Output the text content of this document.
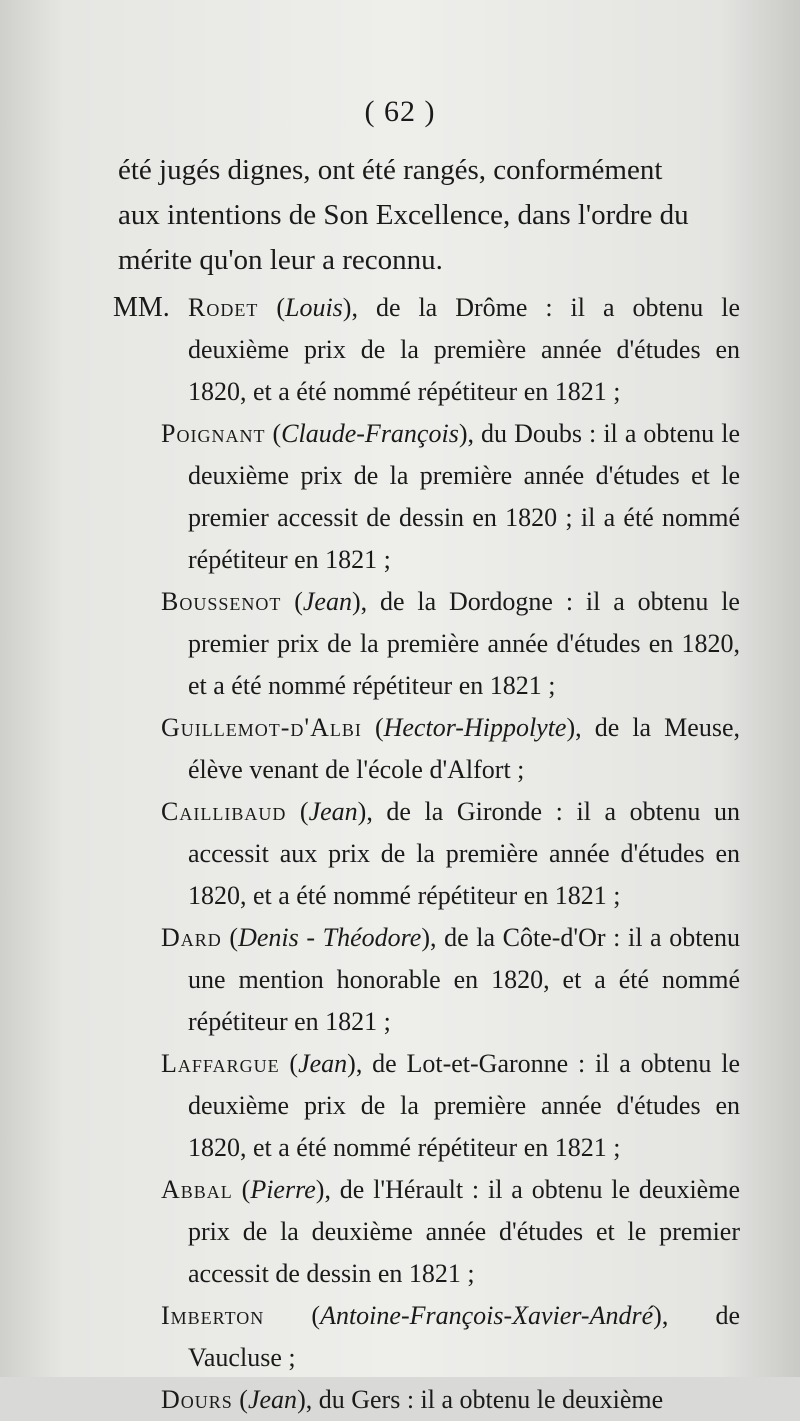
( 62 )
été jugés dignes, ont été rangés, conformément
aux intentions de Son Excellence, dans l'ordre du
mérite qu'on leur a reconnu.
MM. Rodet (Louis), de la Drôme : il a obtenu le deuxième prix de la première année d'études en 1820, et a été nommé répétiteur en 1821 ;
Poignant (Claude-François), du Doubs : il a obtenu le deuxième prix de la première année d'études et le premier accessit de dessin en 1820 ; il a été nommé répétiteur en 1821 ;
Boussenot (Jean), de la Dordogne : il a obtenu le premier prix de la première année d'études en 1820, et a été nommé répétiteur en 1821 ;
Guillemot-d'Albi (Hector-Hippolyte), de la Meuse, élève venant de l'école d'Alfort ;
Caillibaud (Jean), de la Gironde : il a obtenu un accessit aux prix de la première année d'études en 1820, et a été nommé répétiteur en 1821 ;
Dard (Denis - Théodore), de la Côte-d'Or : il a obtenu une mention honorable en 1820, et a été nommé répétiteur en 1821 ;
Laffargue (Jean), de Lot-et-Garonne : il a obtenu le deuxième prix de la première année d'études en 1820, et a été nommé répétiteur en 1821 ;
Abbal (Pierre), de l'Hérault : il a obtenu le deuxième prix de la deuxième année d'études et le premier accessit de dessin en 1821 ;
Imberton (Antoine-François-Xavier-André), de Vaucluse ;
Dours (Jean), du Gers : il a obtenu le deuxième
